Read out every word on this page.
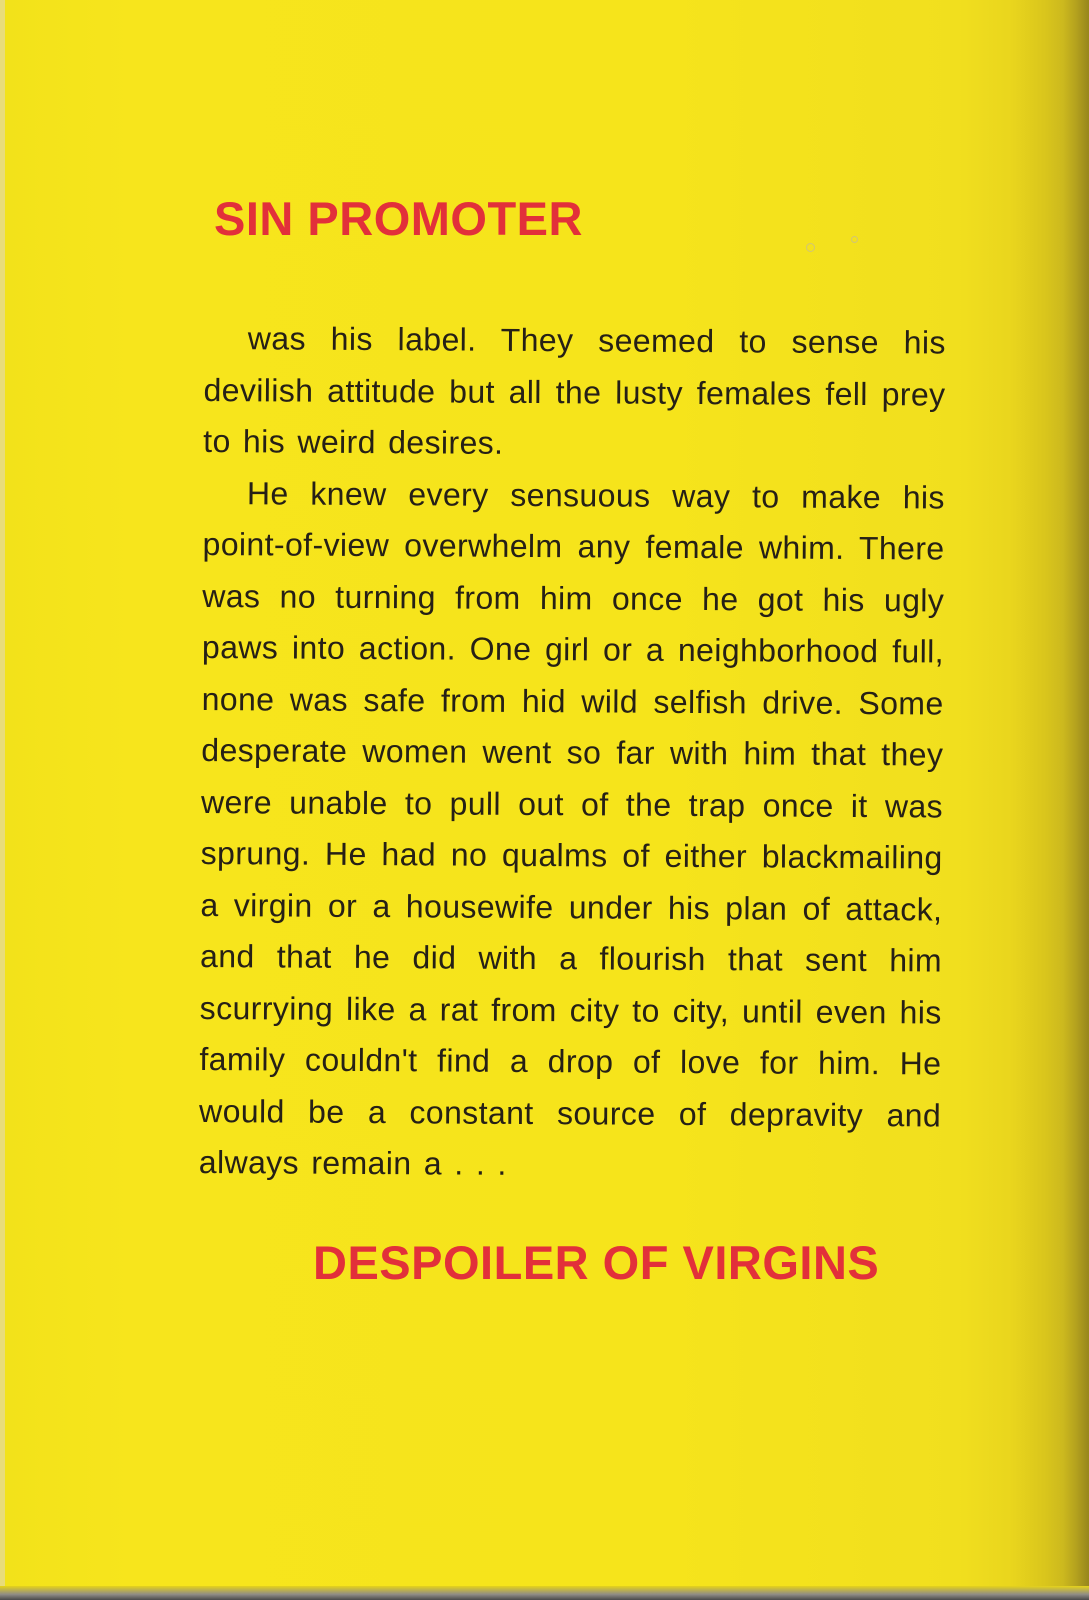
SIN PROMOTER

was his label. They seemed to sense his devilish attitude but all the lusty females fell prey to his weird desires.

He knew every sensuous way to make his point-of-view overwhelm any female whim. There was no turning from him once he got his ugly paws into action. One girl or a neighborhood full, none was safe from hid wild selfish drive. Some desperate women went so far with him that they were unable to pull out of the trap once it was sprung. He had no qualms of either blackmailing a virgin or a housewife under his plan of attack, and that he did with a flourish that sent him scurrying like a rat from city to city, until even his family couldn't find a drop of love for him. He would be a constant source of depravity and always remain a . . .

DESPOILER OF VIRGINS
